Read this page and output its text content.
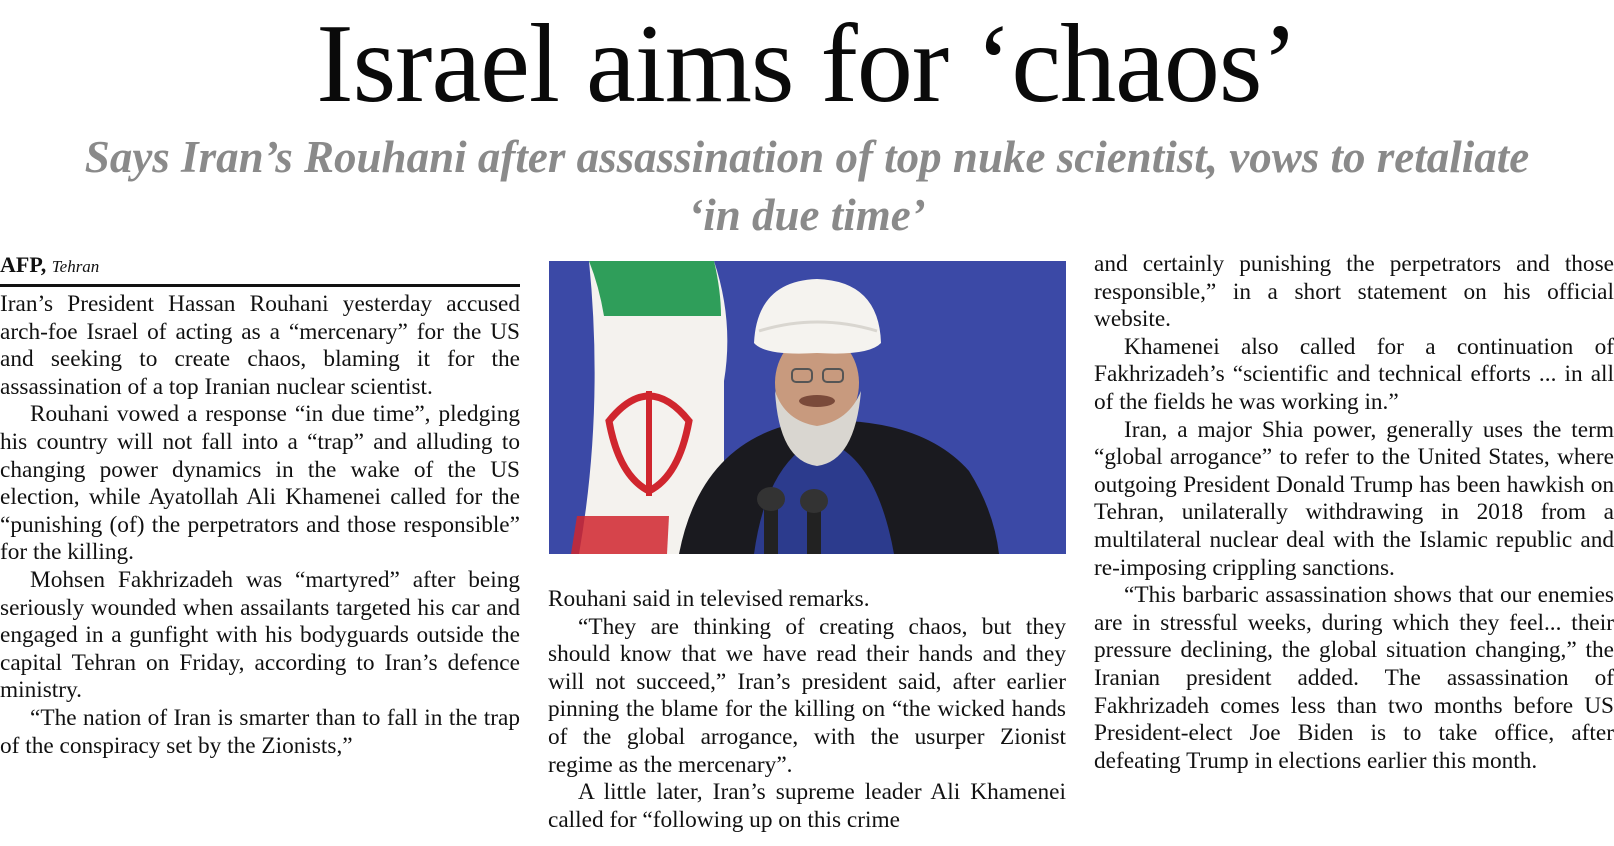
Israel aims for ‘chaos’
Says Iran’s Rouhani after assassination of top nuke scientist, vows to retaliate ‘in due time’
AFP, Tehran

Iran’s President Hassan Rouhani yesterday accused arch-foe Israel of acting as a “mercenary” for the US and seeking to create chaos, blaming it for the assassination of a top Iranian nuclear scientist.

Rouhani vowed a response “in due time”, pledging his country will not fall into a “trap” and alluding to changing power dynamics in the wake of the US election, while Ayatollah Ali Khamenei called for the “punishing (of) the perpetrators and those responsible” for the killing.

Mohsen Fakhrizadeh was “martyred” after being seriously wounded when assailants targeted his car and engaged in a gunfight with his bodyguards outside the capital Tehran on Friday, according to Iran’s defence ministry.

“The nation of Iran is smarter than to fall in the trap of the conspiracy set by the Zionists,”

Rouhani said in televised remarks.

“They are thinking of creating chaos, but they should know that we have read their hands and they will not succeed,” Iran’s president said, after earlier pinning the blame for the killing on “the wicked hands of the global arrogance, with the usurper Zionist regime as the mercenary”.

A little later, Iran’s supreme leader Ali Khamenei called for “following up on this crime

and certainly punishing the perpetrators and those responsible,” in a short statement on his official website.

Khamenei also called for a continuation of Fakhrizadeh’s “scientific and technical efforts ... in all of the fields he was working in.”

Iran, a major Shia power, generally uses the term “global arrogance” to refer to the United States, where outgoing President Donald Trump has been hawkish on Tehran, unilaterally withdrawing in 2018 from a multilateral nuclear deal with the Islamic republic and re-imposing crippling sanctions.

“This barbaric assassination shows that our enemies are in stressful weeks, during which they feel... their pressure declining, the global situation changing,” the Iranian president added. The assassination of Fakhrizadeh comes less than two months before US President-elect Joe Biden is to take office, after defeating Trump in elections earlier this month.
